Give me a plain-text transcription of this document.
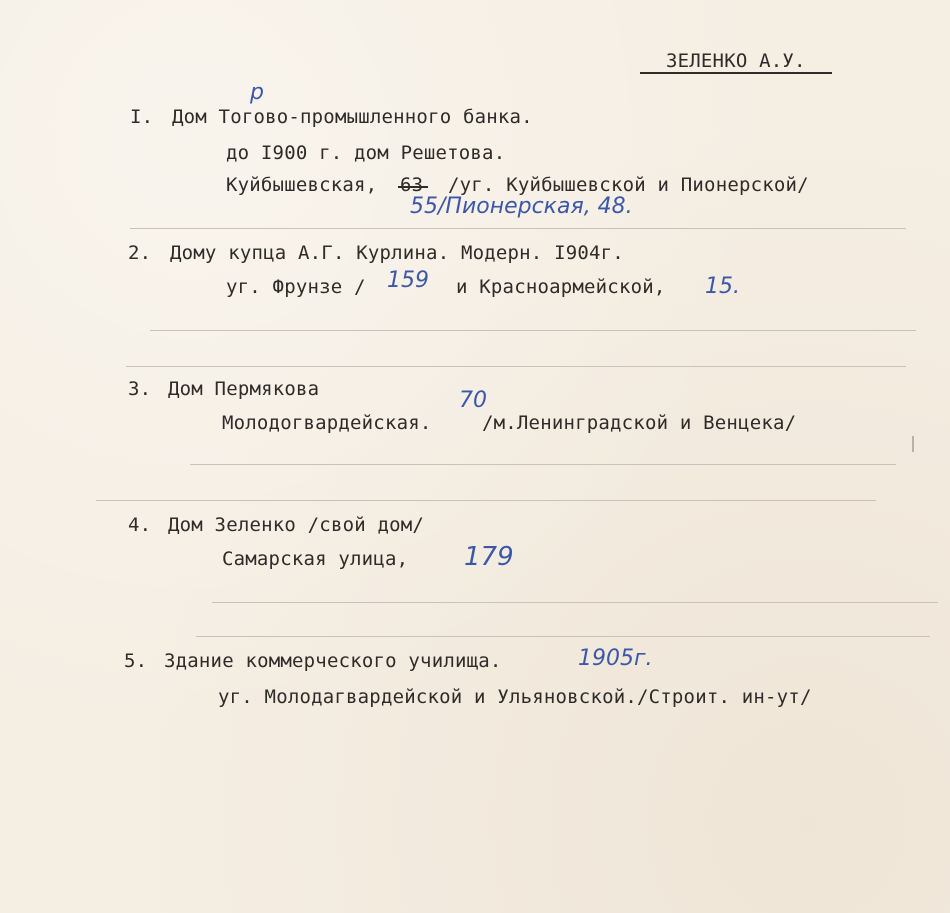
ЗЕЛЕНКО А.У.
I. Дом Тогово-промышленного банка.
р
до I900 г. дом Решетова.
Куйбышевская, 63 /уг. Куйбышевской и Пионерской/
55/Пионерская, 48.
2. Дому купца А.Г. Курлина. Модерн. I904г.
уг. Фрунзе / 159 и Красноармейской, 15.
3. Дом Пермякова	70
Молодогвардейская.	/м.Ленинградской и Венцека/
4. Дом Зеленко /свой дом/
Самарская улица, 179
5. Здание коммерческого училища.	1905г.
уг. Молодагвардейской и Ульяновской./Строит. ин-ут/
